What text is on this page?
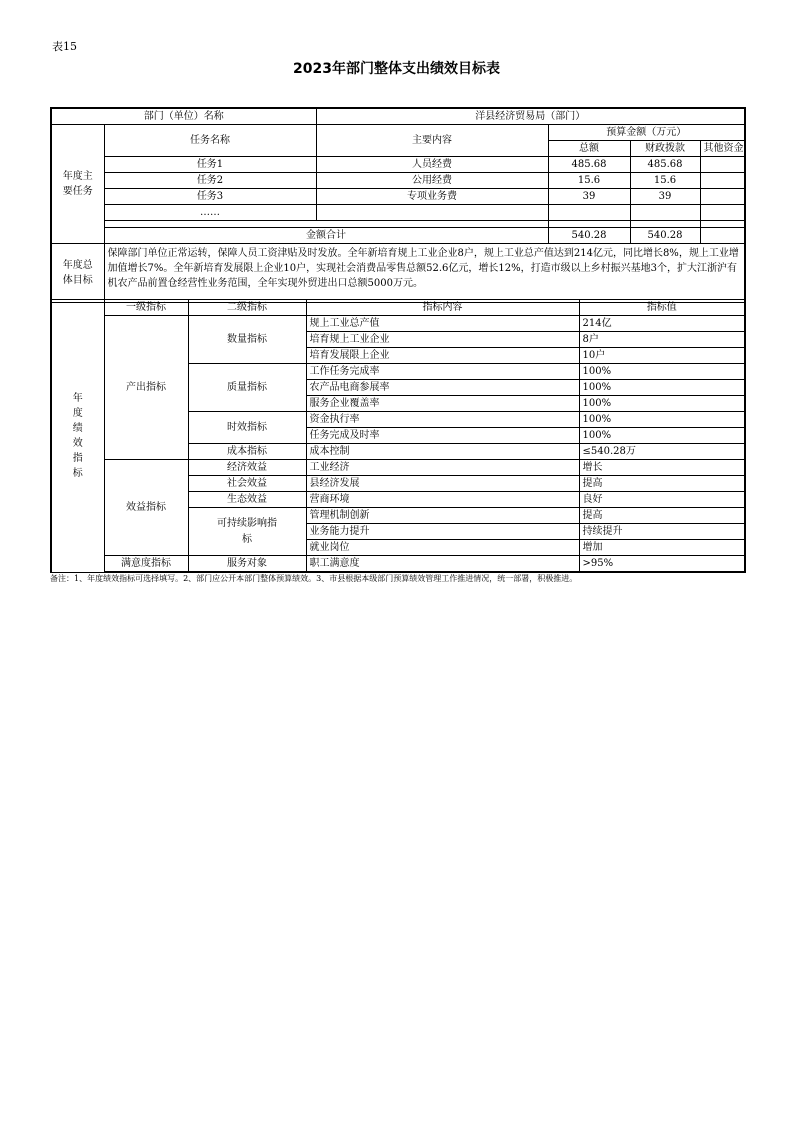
表15
2023年部门整体支出绩效目标表
部门（单位）名称		洋县经济贸易局（部门）			

年度主要任务	任务名称	主要内容	预算金额（万元）		
			总额	财政拨款	其他资金
	任务1	人员经费	485.68	485.68	
	任务2	公用经费	15.6	15.6	
	任务3	专项业务费	39	39	
	……				

	金额合计		540.28	540.28	

年度总体目标	保障部门单位正常运转，保障人员工资津贴及时发放。全年新培育规上工业企业8户，规上工业总产值达到214亿元，同比增长8%，规上工业增加值增长7%。全年新培育发展限上企业10户，实现社会消费品零售总额52.6亿元，增长12%，打造市级以上乡村振兴基地3个，扩大江浙沪有机农产品前置仓经营性业务范围，全年实现外贸进出口总额5000万元。				
年度绩效指标	一级指标	二级指标	指标内容	指标值
	产出指标	数量指标	规上工业总产值	214亿
			培育规上工业企业	8户
			培育发展限上企业	10户
		质量指标	工作任务完成率	100%
			农产品电商参展率	100%
			服务企业覆盖率	100%
		时效指标	资金执行率	100%
			任务完成及时率	100%
		成本指标	成本控制	≤540.28万
	效益指标	经济效益	工业经济	增长
		社会效益	县经济发展	提高
		生态效益	营商环境	良好

		可持续影响指标	管理机制创新	提高
			业务能力提升	持续提升
			就业岗位	增加
	满意度指标	服务对象	职工满意度	>95%
备注：1、年度绩效指标可选择填写。2、部门应公开本部门整体预算绩效。3、市县根据本级部门预算绩效管理工作推进情况，统一部署，积极推进。
